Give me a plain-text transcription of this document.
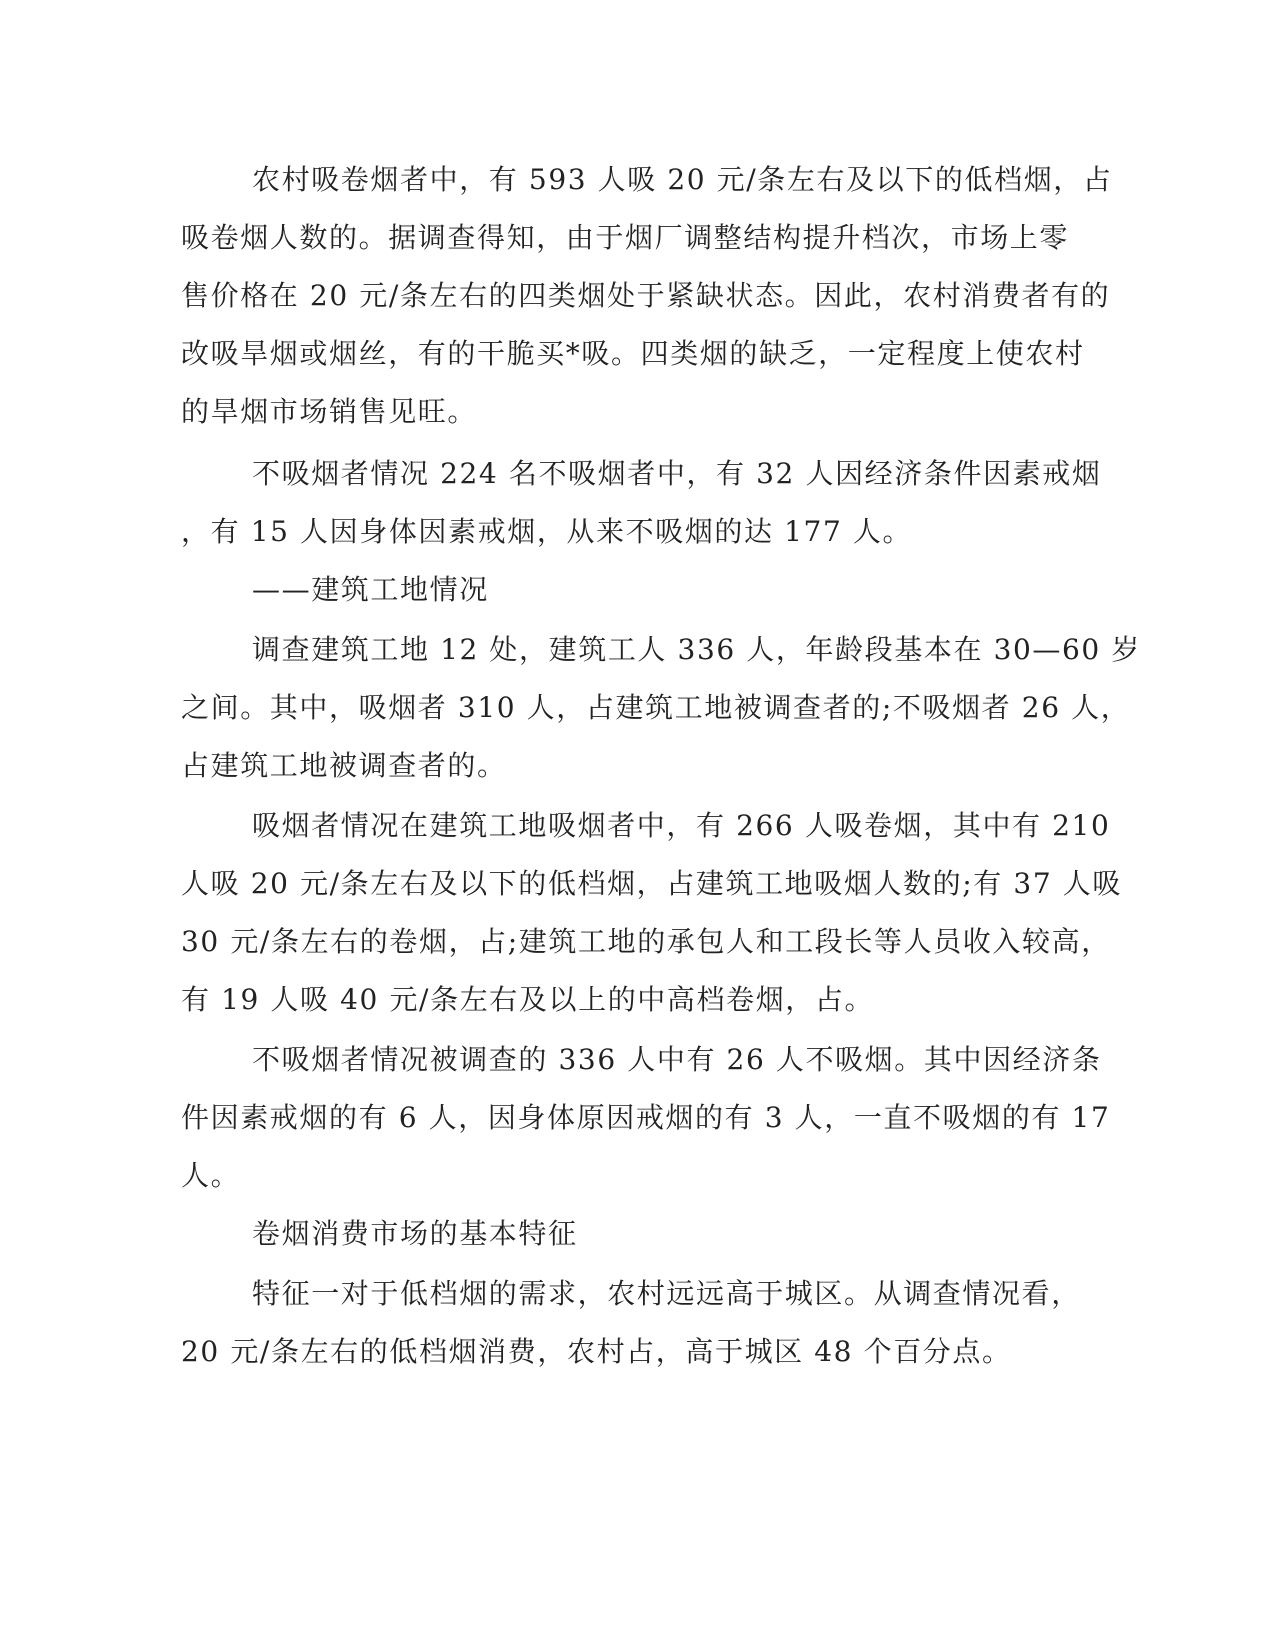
农村吸卷烟者中，有 593 人吸 20 元/条左右及以下的低档烟，占
吸卷烟人数的。据调查得知，由于烟厂调整结构提升档次，市场上零
售价格在 20 元/条左右的四类烟处于紧缺状态。因此，农村消费者有的
改吸旱烟或烟丝，有的干脆买*吸。四类烟的缺乏，一定程度上使农村
的旱烟市场销售见旺。
不吸烟者情况 224 名不吸烟者中，有 32 人因经济条件因素戒烟
，有 15 人因身体因素戒烟，从来不吸烟的达 177 人。
——建筑工地情况
调查建筑工地 12 处，建筑工人 336 人，年龄段基本在 30—60 岁
之间。其中，吸烟者 310 人，占建筑工地被调查者的;不吸烟者 26 人，
占建筑工地被调查者的。
吸烟者情况在建筑工地吸烟者中，有 266 人吸卷烟，其中有 210
人吸 20 元/条左右及以下的低档烟，占建筑工地吸烟人数的;有 37 人吸
30 元/条左右的卷烟，占;建筑工地的承包人和工段长等人员收入较高，
有 19 人吸 40 元/条左右及以上的中高档卷烟，占。
不吸烟者情况被调查的 336 人中有 26 人不吸烟。其中因经济条
件因素戒烟的有 6 人，因身体原因戒烟的有 3 人，一直不吸烟的有 17
人。
卷烟消费市场的基本特征
特征一对于低档烟的需求，农村远远高于城区。从调查情况看，
20 元/条左右的低档烟消费，农村占，高于城区 48 个百分点。
